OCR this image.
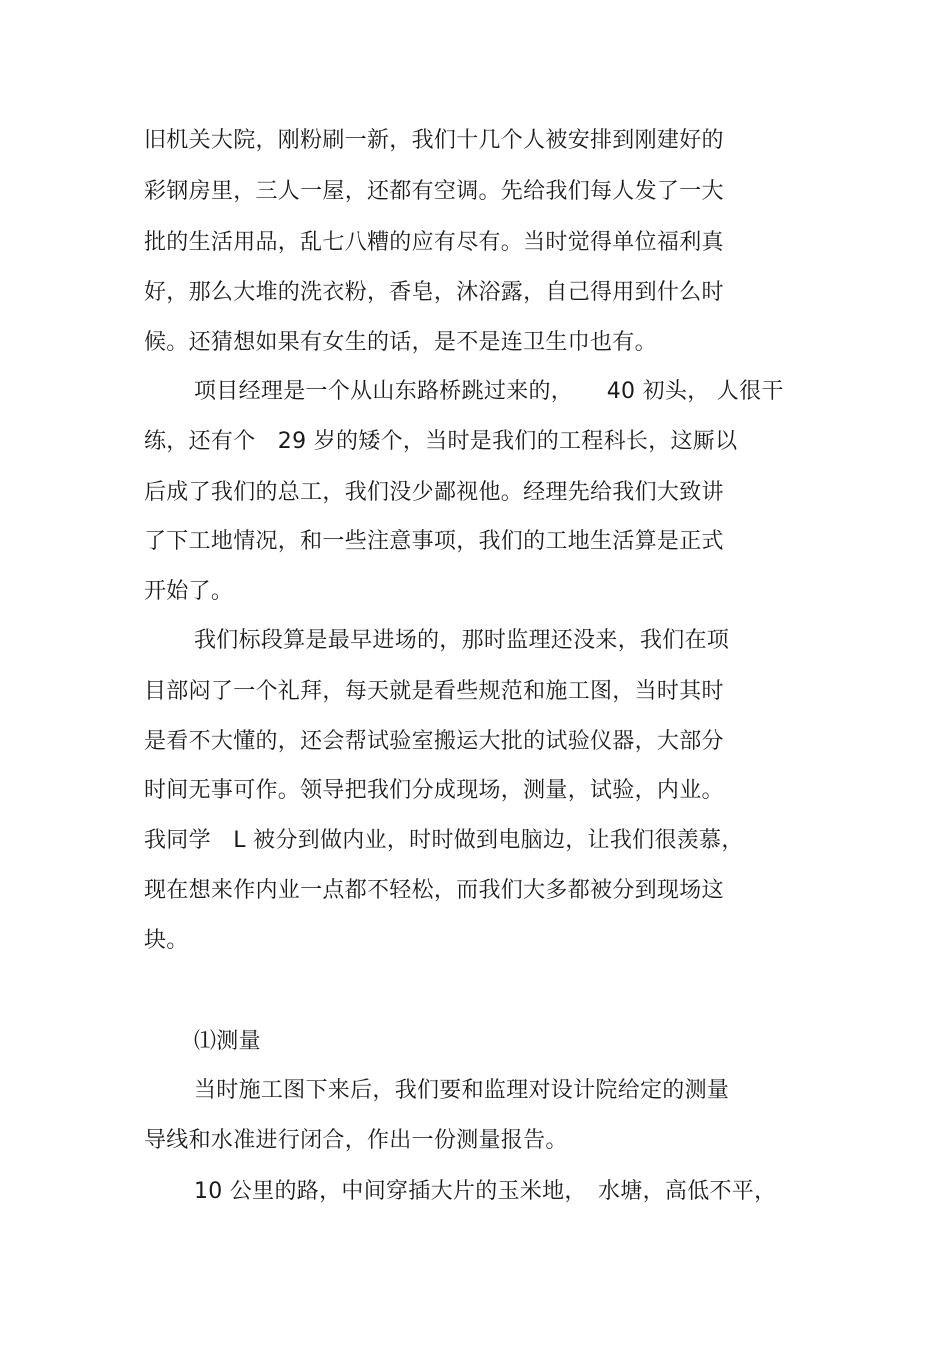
旧机关大院，刚粉刷一新，我们十几个人被安排到刚建好的
彩钢房里，三人一屋，还都有空调。先给我们每人发了一大
批的生活用品，乱七八糟的应有尽有。当时觉得单位福利真
好，那么大堆的洗衣粉，香皂，沐浴露，自己得用到什么时
候。还猜想如果有女生的话，是不是连卫生巾也有。
项目经理是一个从山东路桥跳过来的，　　40 初头， 人很干
练，还有个　29 岁的矮个，当时是我们的工程科长，这厮以
后成了我们的总工，我们没少鄙视他。经理先给我们大致讲
了下工地情况，和一些注意事项，我们的工地生活算是正式
开始了。
我们标段算是最早进场的，那时监理还没来，我们在项
目部闷了一个礼拜，每天就是看些规范和施工图，当时其时
是看不大懂的，还会帮试验室搬运大批的试验仪器，大部分
时间无事可作。领导把我们分成现场，测量，试验，内业。
我同学　L 被分到做内业，时时做到电脑边，让我们很羡慕，
现在想来作内业一点都不轻松，而我们大多都被分到现场这
块。
⑴测量
当时施工图下来后，我们要和监理对设计院给定的测量
导线和水准进行闭合，作出一份测量报告。
10 公里的路，中间穿插大片的玉米地，　水塘，高低不平，
